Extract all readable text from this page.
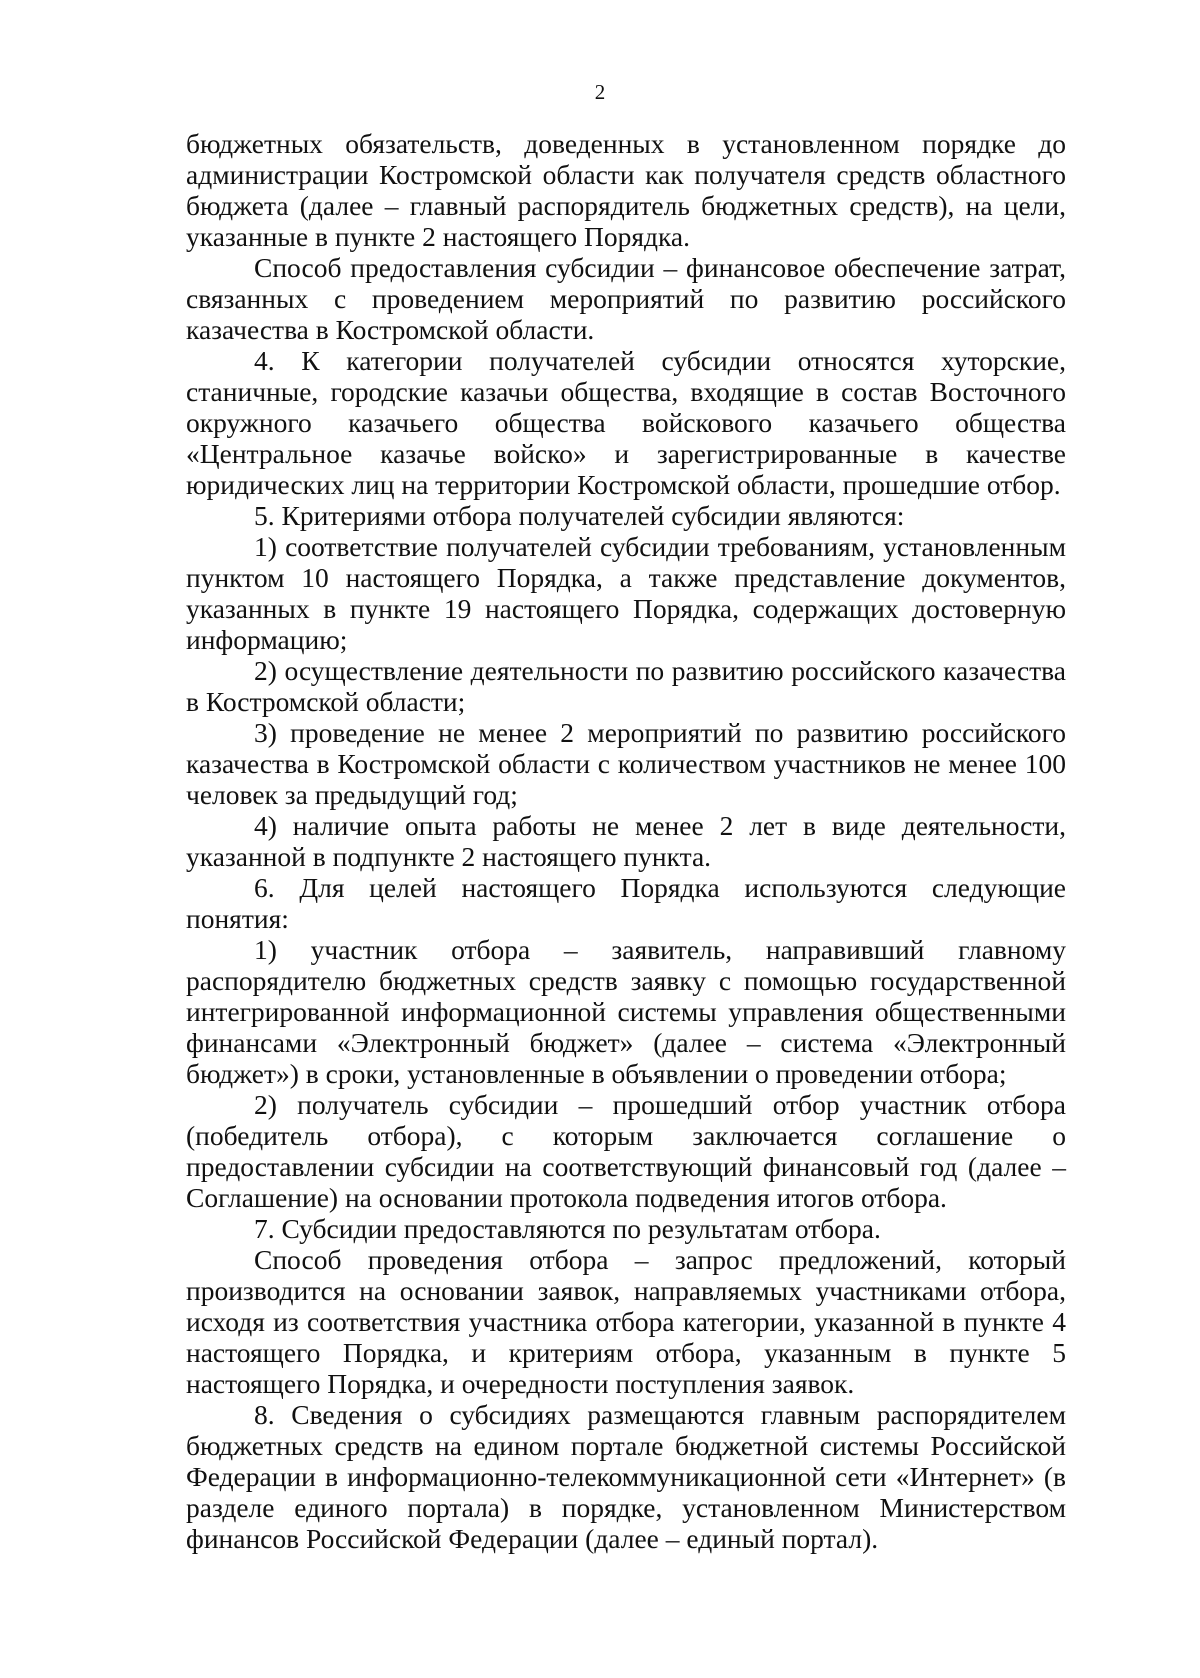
2

бюджетных обязательств, доведенных в установленном порядке до администрации Костромской области как получателя средств областного бюджета (далее – главный распорядитель бюджетных средств), на цели, указанные в пункте 2 настоящего Порядка.

Способ предоставления субсидии – финансовое обеспечение затрат, связанных с проведением мероприятий по развитию российского казачества в Костромской области.

4. К категории получателей субсидии относятся хуторские, станичные, городские казачьи общества, входящие в состав Восточного окружного казачьего общества войскового казачьего общества «Центральное казачье войско» и зарегистрированные в качестве юридических лиц на территории Костромской области, прошедшие отбор.

5. Критериями отбора получателей субсидии являются:

1) соответствие получателей субсидии требованиям, установленным пунктом 10 настоящего Порядка, а также представление документов, указанных в пункте 19 настоящего Порядка, содержащих достоверную информацию;

2) осуществление деятельности по развитию российского казачества в Костромской области;

3) проведение не менее 2 мероприятий по развитию российского казачества в Костромской области с количеством участников не менее 100 человек за предыдущий год;

4) наличие опыта работы не менее 2 лет в виде деятельности, указанной в подпункте 2 настоящего пункта.

6. Для целей настоящего Порядка используются следующие понятия:

1) участник отбора – заявитель, направивший главному распорядителю бюджетных средств заявку с помощью государственной интегрированной информационной системы управления общественными финансами «Электронный бюджет» (далее – система «Электронный бюджет») в сроки, установленные в объявлении о проведении отбора;

2) получатель субсидии – прошедший отбор участник отбора (победитель отбора), с которым заключается соглашение о предоставлении субсидии на соответствующий финансовый год (далее – Соглашение) на основании протокола подведения итогов отбора.

7. Субсидии предоставляются по результатам отбора.

Способ проведения отбора – запрос предложений, который производится на основании заявок, направляемых участниками отбора, исходя из соответствия участника отбора категории, указанной в пункте 4 настоящего Порядка, и критериям отбора, указанным в пункте 5 настоящего Порядка, и очередности поступления заявок.

8. Сведения о субсидиях размещаются главным распорядителем бюджетных средств на едином портале бюджетной системы Российской Федерации в информационно-телекоммуникационной сети «Интернет» (в разделе единого портала) в порядке, установленном Министерством финансов Российской Федерации (далее – единый портал).
